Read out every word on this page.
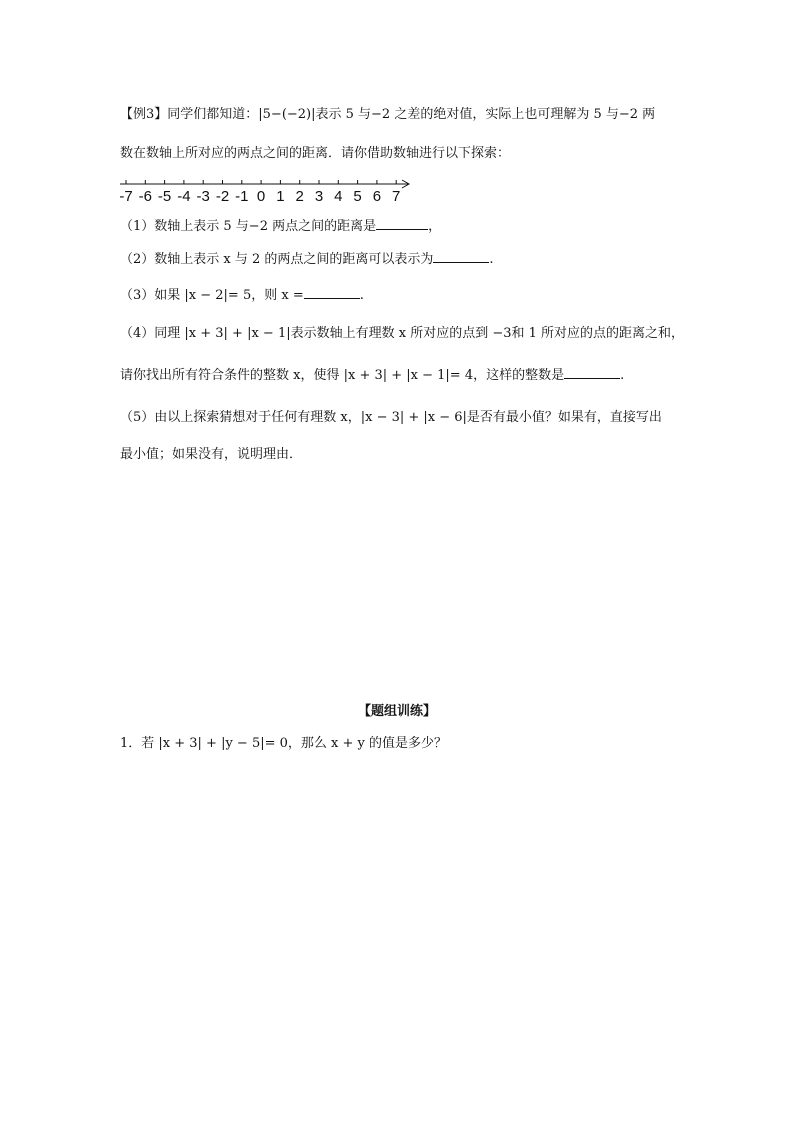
【例3】同学们都知道：|5−(−2)|表示 5 与−2 之差的绝对值，实际上也可理解为 5 与−2 两
数在数轴上所对应的两点之间的距离．请你借助数轴进行以下探索：
-7 -6 -5 -4 -3 -2 -1 0 1 2 3 4 5 6 7
（1）数轴上表示 5 与−2 两点之间的距离是	，
（2）数轴上表示 x 与 2 的两点之间的距离可以表示为	.
（3）如果 |x − 2|= 5，则 x =	.
（4）同理 |x + 3| + |x − 1|表示数轴上有理数 x 所对应的点到 −3和 1 所对应的点的距离之和，
请你找出所有符合条件的整数 x，使得 |x + 3| + |x − 1|= 4，这样的整数是	.
（5）由以上探索猜想对于任何有理数 x，|x − 3| + |x − 6|是否有最小值？如果有，直接写出
最小值；如果没有，说明理由．
【题组训练】
1．若 |x + 3| + |y − 5|= 0，那么 x + y 的值是多少？
